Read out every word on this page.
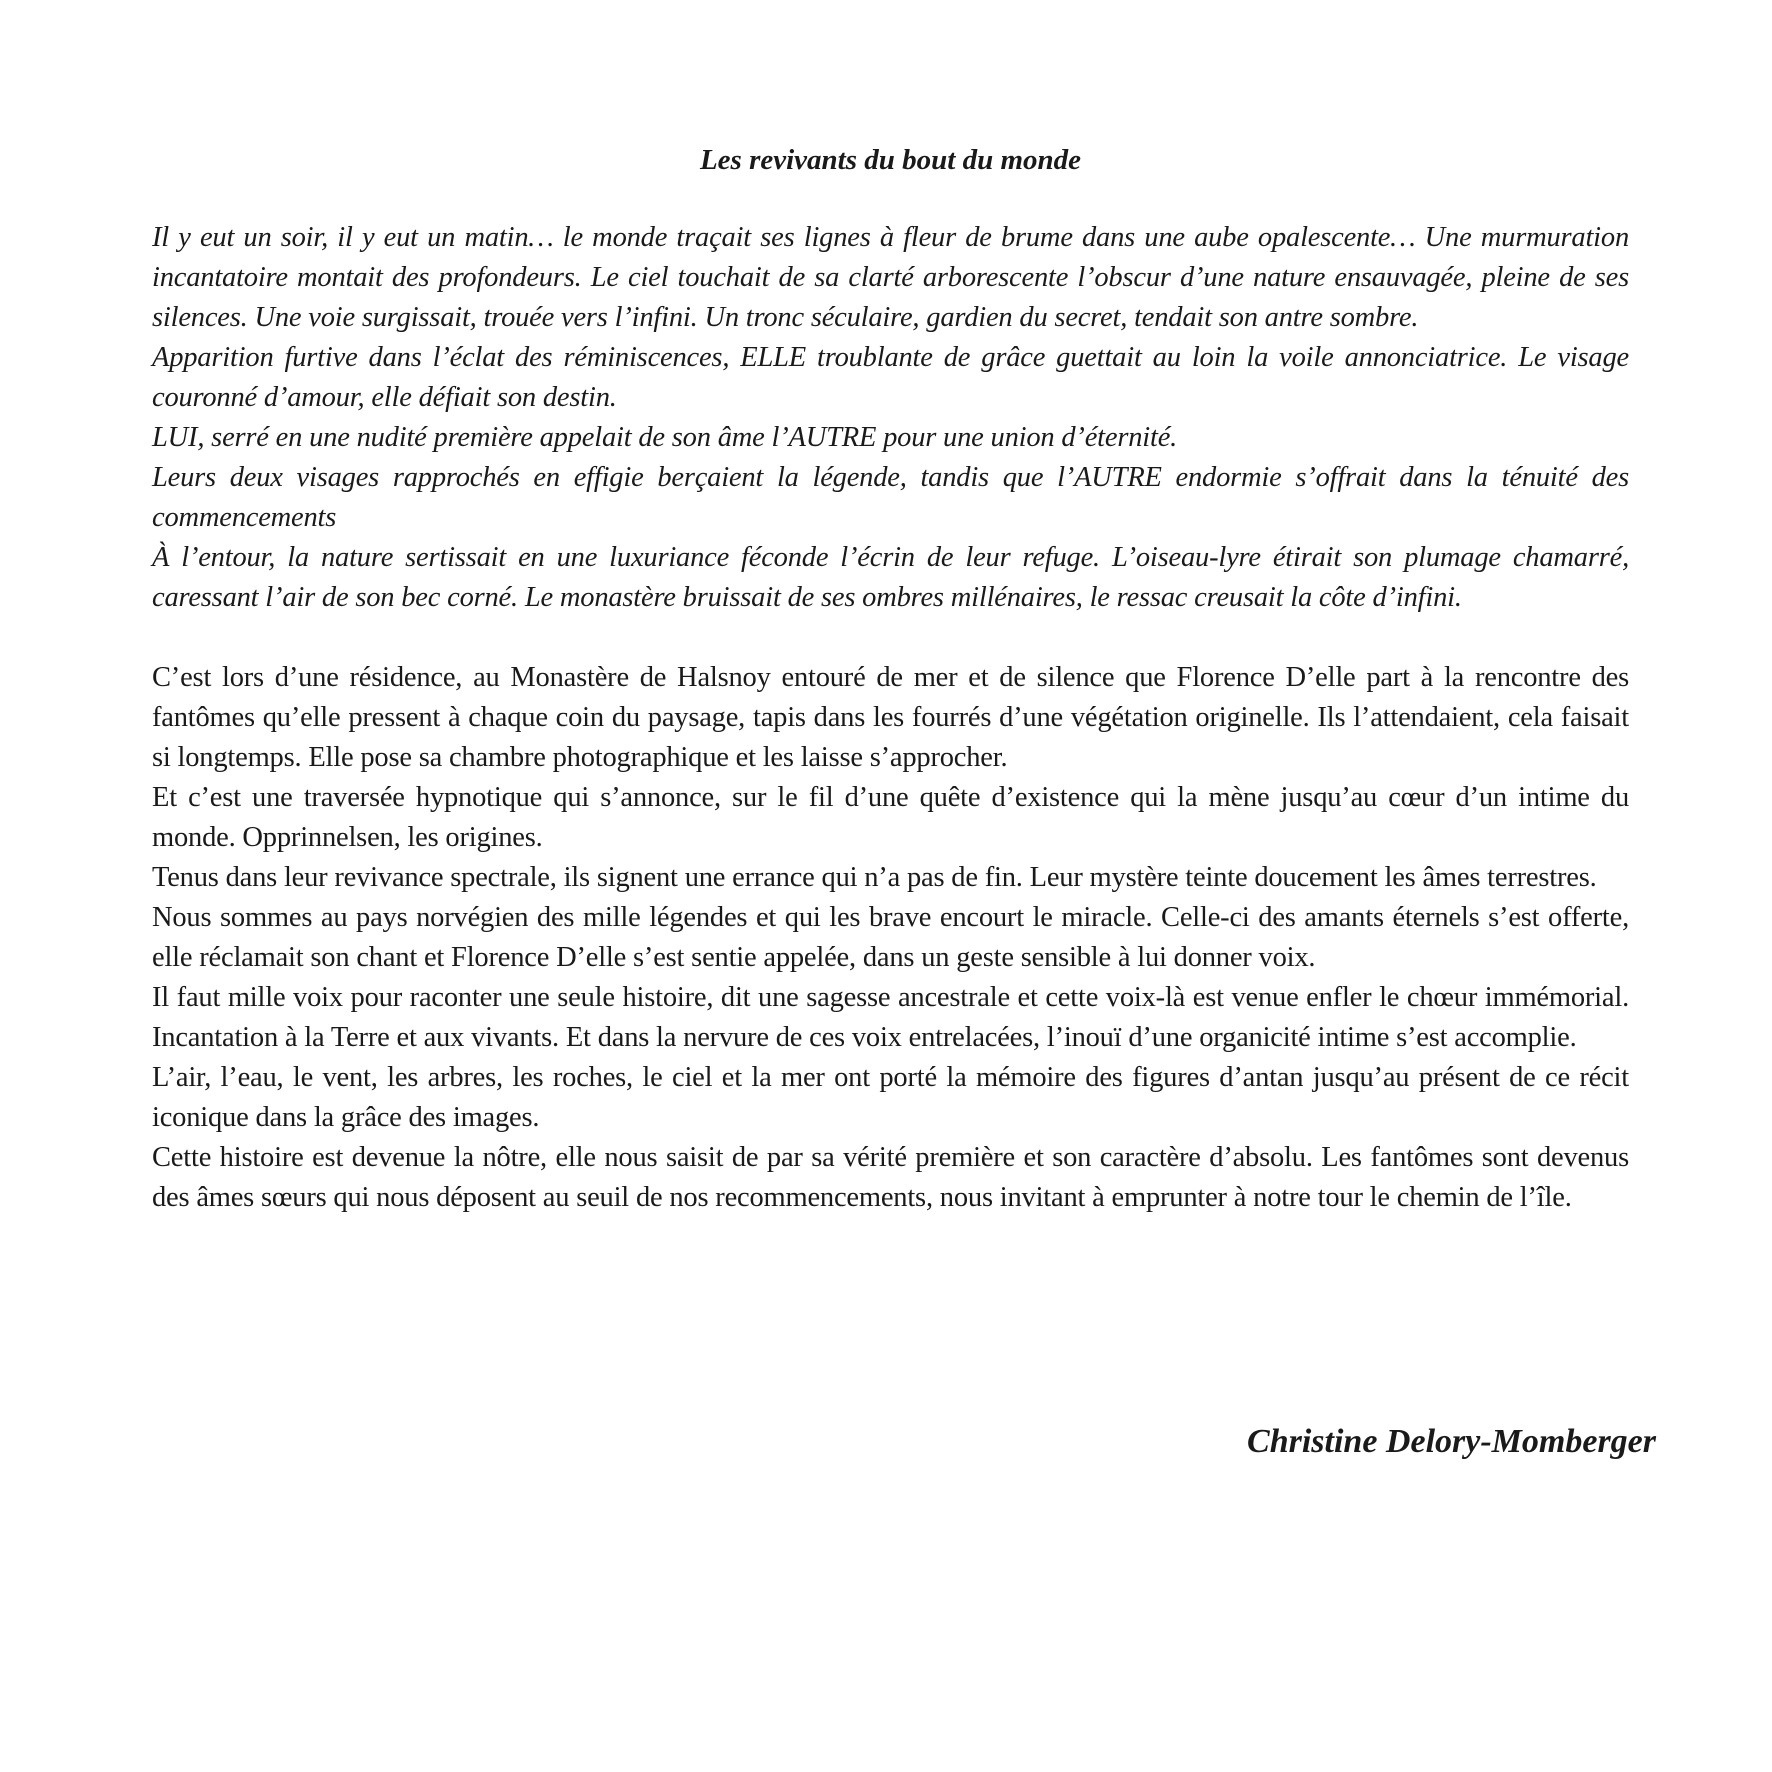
Les revivants du bout du monde

Il y eut un soir, il y eut un matin… le monde traçait ses lignes à fleur de brume dans une aube opalescente… Une murmuration incantatoire montait des profondeurs. Le ciel touchait de sa clarté arborescente l’obscur d’une nature ensauvagée, pleine de ses silences. Une voie surgissait, trouée vers l’infini. Un tronc séculaire, gardien du secret, tendait son antre sombre.

Apparition furtive dans l’éclat des réminiscences, ELLE troublante de grâce guettait au loin la voile annonciatrice. Le visage couronné d’amour, elle défiait son destin.

LUI, serré en une nudité première appelait de son âme l’AUTRE pour une union d’éternité.

Leurs deux visages rapprochés en effigie berçaient la légende, tandis que l’AUTRE endormie s’offrait dans la ténuité des commencements

À l’entour, la nature sertissait en une luxuriance féconde l’écrin de leur refuge. L’oiseau-lyre étirait son plumage chamarré, caressant l’air de son bec corné. Le monastère bruissait de ses ombres millénaires, le ressac creusait la côte d’infini.

C’est lors d’une résidence, au Monastère de Halsnoy entouré de mer et de silence que Florence D’elle part à la rencontre des fantômes qu’elle pressent à chaque coin du paysage, tapis dans les fourrés d’une végétation originelle. Ils l’attendaient, cela faisait si longtemps. Elle pose sa chambre photographique et les laisse s’approcher.

Et c’est une traversée hypnotique qui s’annonce, sur le fil d’une quête d’existence qui la mène jusqu’au cœur d’un intime du monde. Opprinnelsen, les origines.

Tenus dans leur revivance spectrale, ils signent une errance qui n’a pas de fin. Leur mystère teinte doucement les âmes terrestres.

Nous sommes au pays norvégien des mille légendes et qui les brave encourt le miracle. Celle-ci des amants éternels s’est offerte, elle réclamait son chant et Florence D’elle s’est sentie appelée, dans un geste sensible à lui donner voix.

Il faut mille voix pour raconter une seule histoire, dit une sagesse ancestrale et cette voix-là est venue enfler le chœur immémorial. Incantation à la Terre et aux vivants. Et dans la nervure de ces voix entrelacées, l’inouï d’une organicité intime s’est accomplie.

L’air, l’eau, le vent, les arbres, les roches, le ciel et la mer ont porté la mémoire des figures d’antan jusqu’au présent de ce récit iconique dans la grâce des images.

Cette histoire est devenue la nôtre, elle nous saisit de par sa vérité première et son caractère d’absolu. Les fantômes sont devenus des âmes sœurs qui nous déposent au seuil de nos recommencements, nous invitant à emprunter à notre tour le chemin de l’île.

Christine Delory-Momberger
